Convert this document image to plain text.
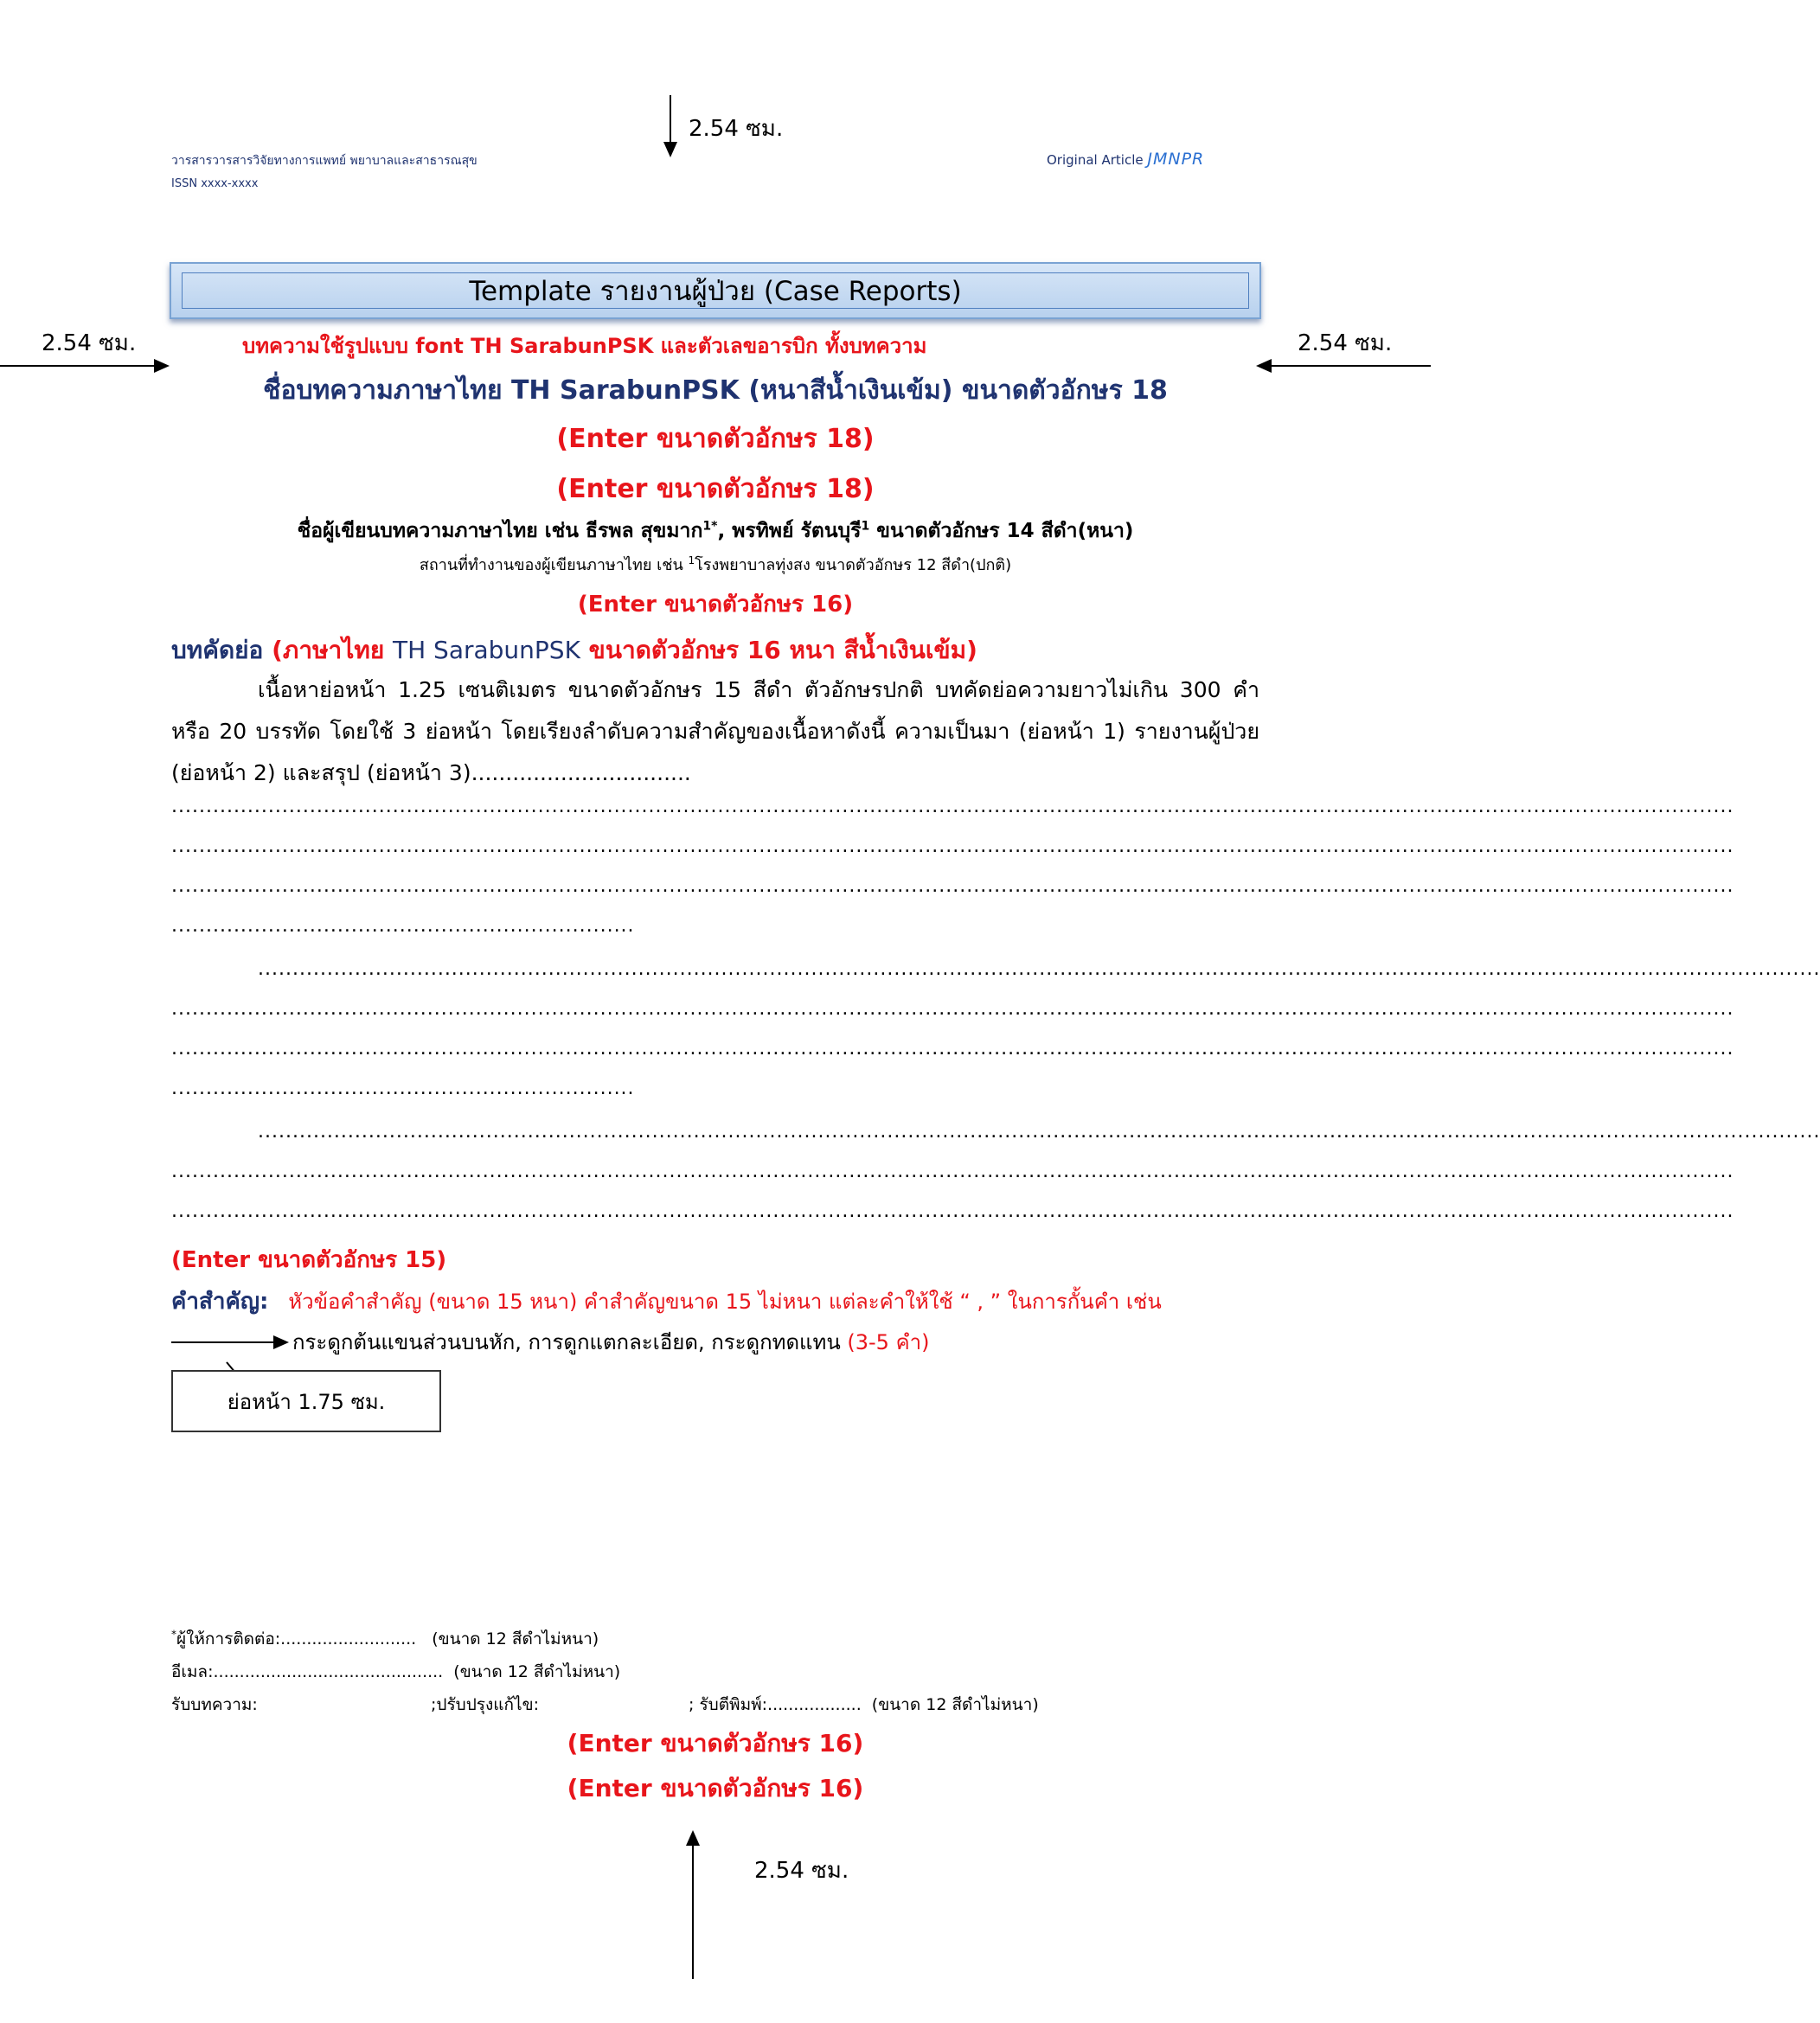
2.54 ซม.
วารสารวารสารวิจัยทางการแพทย์ พยาบาลและสาธารณสุข
ISSN xxxx-xxxx
Original Article JMNPR
Template รายงานผู้ป่วย (Case Reports)
2.54 ซม.	2.54 ซม.
บทความใช้รูปแบบ font TH SarabunPSK และตัวเลขอารบิก ทั้งบทความ
ชื่อบทความภาษาไทย TH SarabunPSK (หนาสีน้ำเงินเข้ม) ขนาดตัวอักษร 18
(Enter ขนาดตัวอักษร 18)
(Enter ขนาดตัวอักษร 18)
ชื่อผู้เขียนบทความภาษาไทย เช่น ธีรพล สุขมาก$^{1*}$, พรทิพย์ รัตนบุรี$^1$ ขนาดตัวอักษร 14 สีดำ(หนา)
สถานที่ทำงานของผู้เขียนภาษาไทย เช่น $^1$โรงพยาบาลทุ่งสง ขนาดตัวอักษร 12 สีดำ(ปกติ)
(Enter ขนาดตัวอักษร 16)
บทคัดย่อ (ภาษาไทย TH SarabunPSK ขนาดตัวอักษร 16 หนา สีน้ำเงินเข้ม)
เนื้อหาย่อหน้า 1.25 เซนติเมตร ขนาดตัวอักษร 15 สีดำ ตัวอักษรปกติ บทคัดย่อความยาวไม่เกิน 300 คำ หรือ 20 บรรทัด โดยใช้ 3 ย่อหน้า โดยเรียงลำดับความสำคัญของเนื้อหาดังนี้ ความเป็นมา (ย่อหน้า 1) รายงานผู้ป่วย (ย่อหน้า 2) และสรุป (ย่อหน้า 3)................................
..................................................................................................................................................................................................................................
..................................................................................................................................................................................................................................
..................................................................................................................................................................................................................................
...................................................................
..................................................................................................................................................................................................................................
..................................................................................................................................................................................................................................
..................................................................................................................................................................................................................................
...................................................................
..................................................................................................................................................................................................................................
..................................................................................................................................................................................................................................
..................................................................................................................................................................................................................................
(Enter ขนาดตัวอักษร 15)
คำสำคัญ: หัวข้อคำสำคัญ (ขนาด 15 หนา) คำสำคัญขนาด 15 ไม่หนา แต่ละคำให้ใช้ “ , ” ในการกั้นคำ เช่น
กระดูกต้นแขนส่วนบนหัก, การดูกแตกละเอียด, กระดูกทดแทน (3-5 คำ)
ย่อหน้า 1.75 ซม.
*ผู้ให้การติดต่อ:.......................... (ขนาด 12 สีดำไม่หนา)
อีเมล:............................................ (ขนาด 12 สีดำไม่หนา)
รับบทความ:	;ปรับปรุงแก้ไข:	; รับตีพิมพ์:.................. (ขนาด 12 สีดำไม่หนา)
(Enter ขนาดตัวอักษร 16)
(Enter ขนาดตัวอักษร 16)
2.54 ซม.
